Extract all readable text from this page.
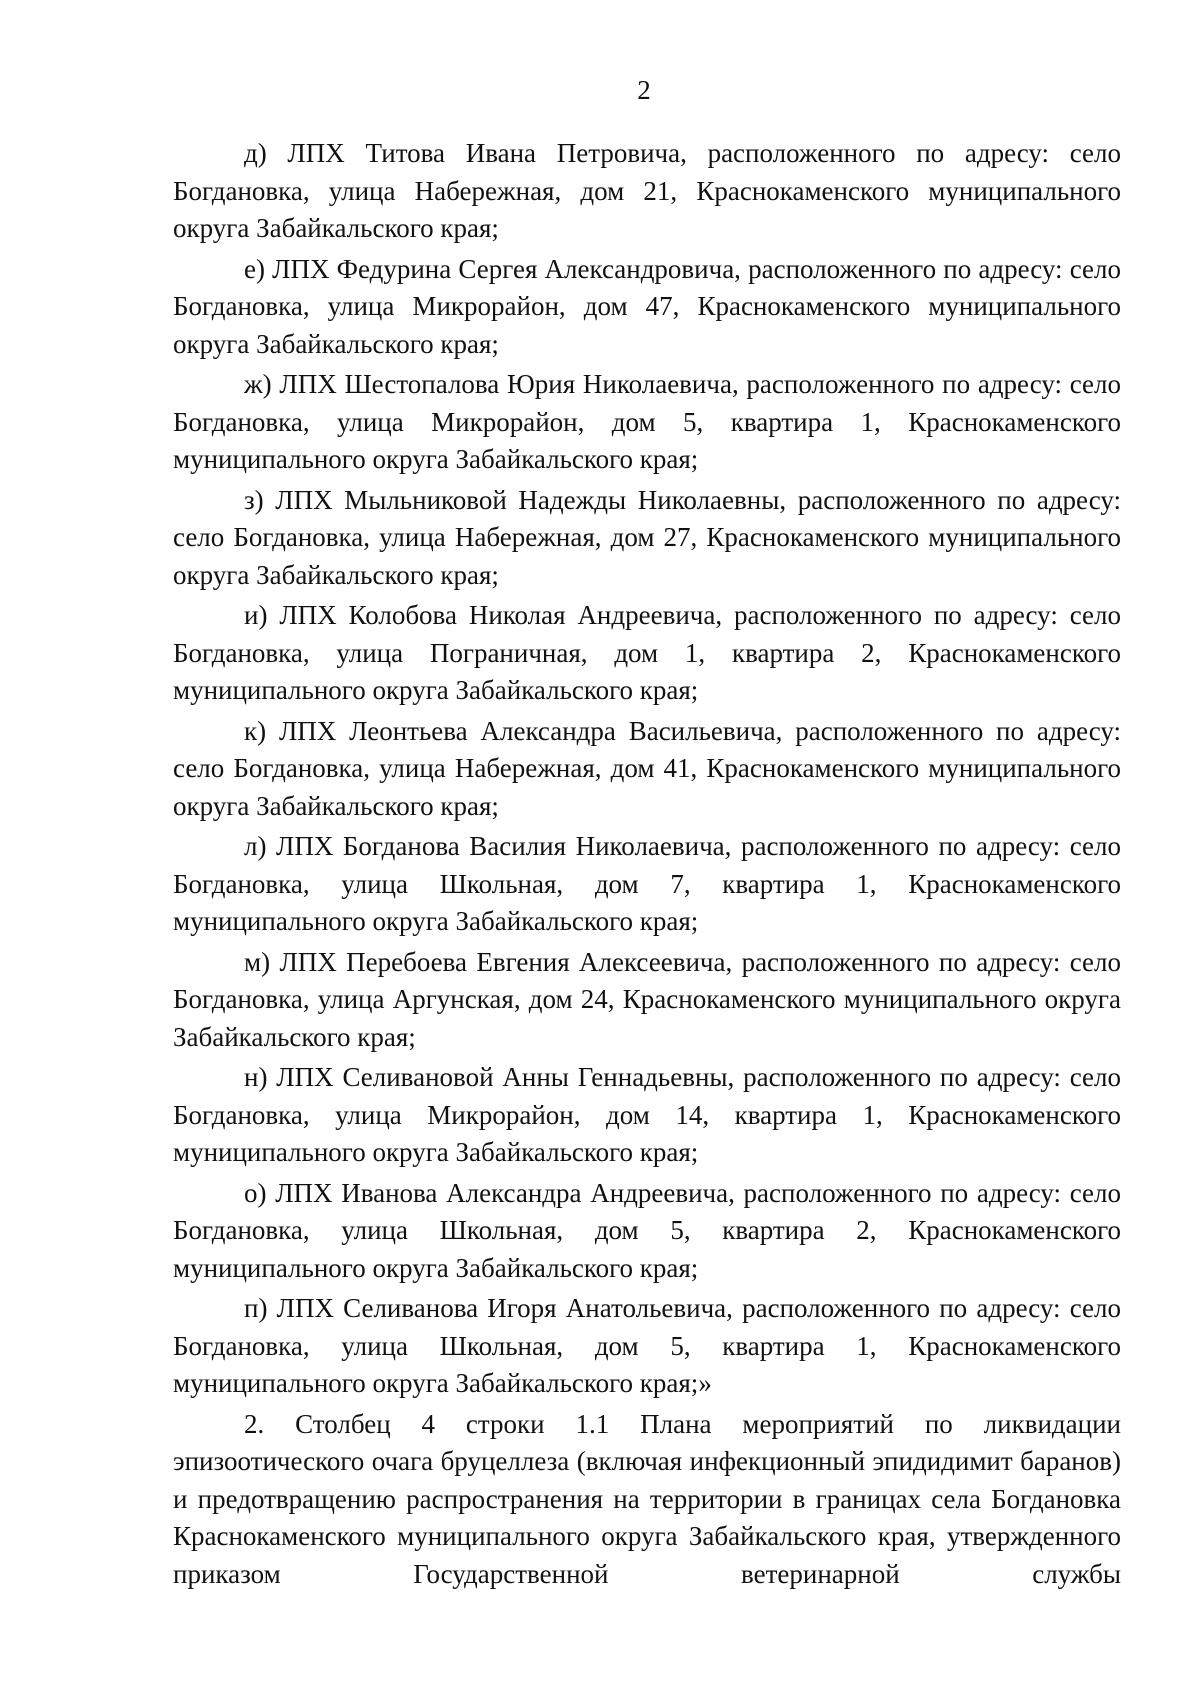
2

д) ЛПХ Титова Ивана Петровича, расположенного по адресу: село Богдановка, улица Набережная, дом 21, Краснокаменского муниципального округа Забайкальского края;

е) ЛПХ Федурина Сергея Александровича, расположенного по адресу: село Богдановка, улица Микрорайон, дом 47, Краснокаменского муниципального округа Забайкальского края;

ж) ЛПХ Шестопалова Юрия Николаевича, расположенного по адресу: село Богдановка, улица Микрорайон, дом 5, квартира 1, Краснокаменского муниципального округа Забайкальского края;

з) ЛПХ Мыльниковой Надежды Николаевны, расположенного по адресу: село Богдановка, улица Набережная, дом 27, Краснокаменского муниципального округа Забайкальского края;

и) ЛПХ Колобова Николая Андреевича, расположенного по адресу: село Богдановка, улица Пограничная, дом 1, квартира 2, Краснокаменского муниципального округа Забайкальского края;

к) ЛПХ Леонтьева Александра Васильевича, расположенного по адресу: село Богдановка, улица Набережная, дом 41, Краснокаменского муниципального округа Забайкальского края;

л) ЛПХ Богданова Василия Николаевича, расположенного по адресу: село Богдановка, улица Школьная, дом 7, квартира 1, Краснокаменского муниципального округа Забайкальского края;

м) ЛПХ Перебоева Евгения Алексеевича, расположенного по адресу: село Богдановка, улица Аргунская, дом 24, Краснокаменского муниципального округа Забайкальского края;

н) ЛПХ Селивановой Анны Геннадьевны, расположенного по адресу: село Богдановка, улица Микрорайон, дом 14, квартира 1, Краснокаменского муниципального округа Забайкальского края;

о) ЛПХ Иванова Александра Андреевича, расположенного по адресу: село Богдановка, улица Школьная, дом 5, квартира 2, Краснокаменского муниципального округа Забайкальского края;

п) ЛПХ Селиванова Игоря Анатольевича, расположенного по адресу: село Богдановка, улица Школьная, дом 5, квартира 1, Краснокаменского муниципального округа Забайкальского края;»

2. Столбец 4 строки 1.1 Плана мероприятий по ликвидации эпизоотического очага бруцеллеза (включая инфекционный эпидидимит баранов) и предотвращению распространения на территории в границах села Богдановка Краснокаменского муниципального округа Забайкальского края, утвержденного приказом Государственной ветеринарной службы
